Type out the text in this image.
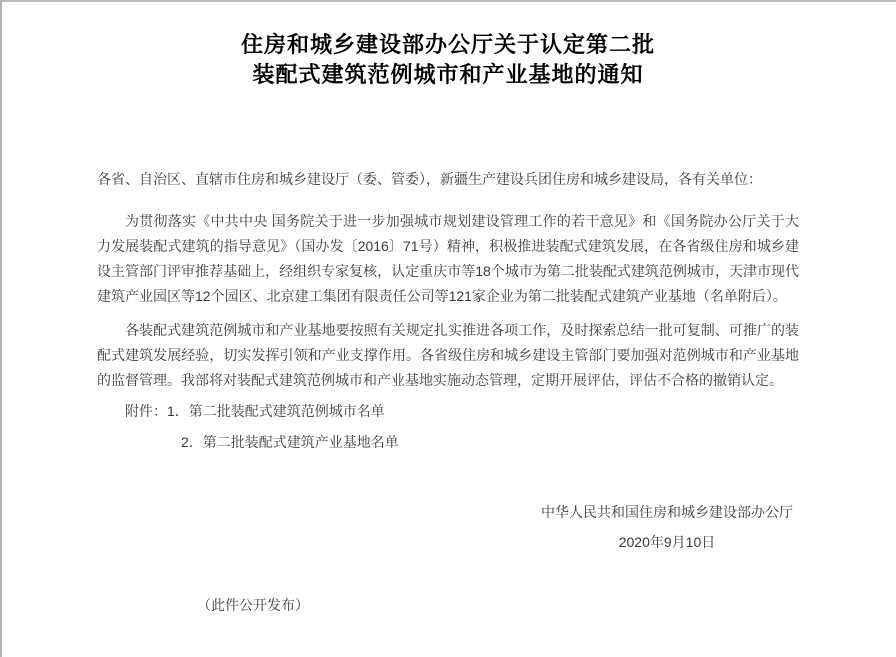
住房和城乡建设部办公厅关于认定第二批
装配式建筑范例城市和产业基地的通知
各省、自治区、直辖市住房和城乡建设厅（委、管委），新疆生产建设兵团住房和城乡建设局，各有关单位：

为贯彻落实《中共中央 国务院关于进一步加强城市规划建设管理工作的若干意见》和《国务院办公厅关于大力发展装配式建筑的指导意见》（国办发〔2016〕71号）精神，积极推进装配式建筑发展，在各省级住房和城乡建设主管部门评审推荐基础上，经组织专家复核，认定重庆市等18个城市为第二批装配式建筑范例城市，天津市现代建筑产业园区等12个园区、北京建工集团有限责任公司等121家企业为第二批装配式建筑产业基地（名单附后）。

各装配式建筑范例城市和产业基地要按照有关规定扎实推进各项工作，及时探索总结一批可复制、可推广的装配式建筑发展经验，切实发挥引领和产业支撑作用。各省级住房和城乡建设主管部门要加强对范例城市和产业基地的监督管理。我部将对装配式建筑范例城市和产业基地实施动态管理，定期开展评估，评估不合格的撤销认定。

附件：1．第二批装配式建筑范例城市名单
2．第二批装配式建筑产业基地名单
中华人民共和国住房和城乡建设部办公厅
2020年9月10日
（此件公开发布）
